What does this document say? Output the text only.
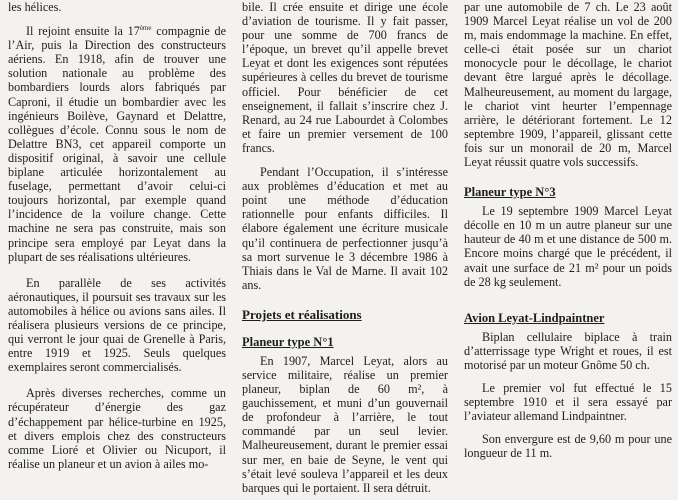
les hélices.

Il rejoint ensuite la 17ème compagnie de l’Air, puis la Direction des constructeurs aériens. En 1918, afin de trouver une solution nationale au problème des bombardiers lourds alors fabriqués par Caproni, il étudie un bombardier avec les ingénieurs Boilève, Gaynard et Delattre, collègues d’école. Connu sous le nom de Delattre BN3, cet appareil comporte un dispositif original, à savoir une cellule biplane articulée horizontalement au fuselage, permettant d’avoir celui-ci toujours horizontal, par exemple quand l’incidence de la voilure change. Cette machine ne sera pas construite, mais son principe sera employé par Leyat dans la plupart de ses réalisations ultérieures.

En parallèle de ses activités aéronautiques, il poursuit ses travaux sur les automobiles à hélice ou avions sans ailes. Il réalisera plusieurs versions de ce principe, qui verront le jour quai de Grenelle à Paris, entre 1919 et 1925. Seuls quelques exemplaires seront commercialisés.

Après diverses recherches, comme un récupérateur d’énergie des gaz d’échappement par hélice-turbine en 1925, et divers emplois chez des constructeurs comme Lioré et Olivier ou Nicuport, il réalise un planeur et un avion à ailes mo-

bile. Il crée ensuite et dirige une école d’aviation de tourisme. Il y fait passer, pour une somme de 700 francs de l’époque, un brevet qu’il appelle brevet Leyat et dont les exigences sont réputées supérieures à celles du brevet de tourisme officiel. Pour bénéficier de cet enseignement, il fallait s’inscrire chez J. Renard, au 24 rue Labourdet à Colombes et faire un premier versement de 100 francs.

Pendant l’Occupation, il s’intéresse aux problèmes d’éducation et met au point une méthode d’éducation rationnelle pour enfants difficiles. Il élabore également une écriture musicale qu’il continuera de perfectionner jusqu’à sa mort survenue le 3 décembre 1986 à Thiais dans le Val de Marne. Il avait 102 ans.

Projets et réalisations
Planeur type N°1

En 1907, Marcel Leyat, alors au service militaire, réalise un premier planeur, biplan de 60 m², à gauchissement, et muni d’un gouvernail de profondeur à l’arrière, le tout commandé par un seul levier. Malheureusement, durant le premier essai sur mer, en baie de Seyne, le vent qui s’était levé souleva l’appareil et les deux barques qui le portaient. Il sera détruit.

par une automobile de 7 ch. Le 23 août 1909 Marcel Leyat réalise un vol de 200 m, mais endommage la machine. En effet, celle-ci était posée sur un chariot monocycle pour le décollage, le chariot devant être largué après le décollage. Malheureusement, au moment du largage, le chariot vint heurter l’empennage arrière, le détériorant fortement. Le 12 septembre 1909, l’appareil, glissant cette fois sur un monorail de 20 m, Marcel Leyat réussit quatre vols successifs.

Planeur type N°3

Le 19 septembre 1909 Marcel Leyat décolle en 10 m un autre planeur sur une hauteur de 40 m et une distance de 500 m. Encore moins chargé que le précédent, il avait une surface de 21 m² pour un poids de 28 kg seulement.

Avion Leyat-Lindpaintner

Biplan cellulaire biplace à train d’atterrissage type Wright et roues, il est motorisé par un moteur Gnôme 50 ch.

Le premier vol fut effectué le 15 septembre 1910 et il sera essayé par l’aviateur allemand Lindpaintner.

Son envergure est de 9,60 m pour une longueur de 11 m.
